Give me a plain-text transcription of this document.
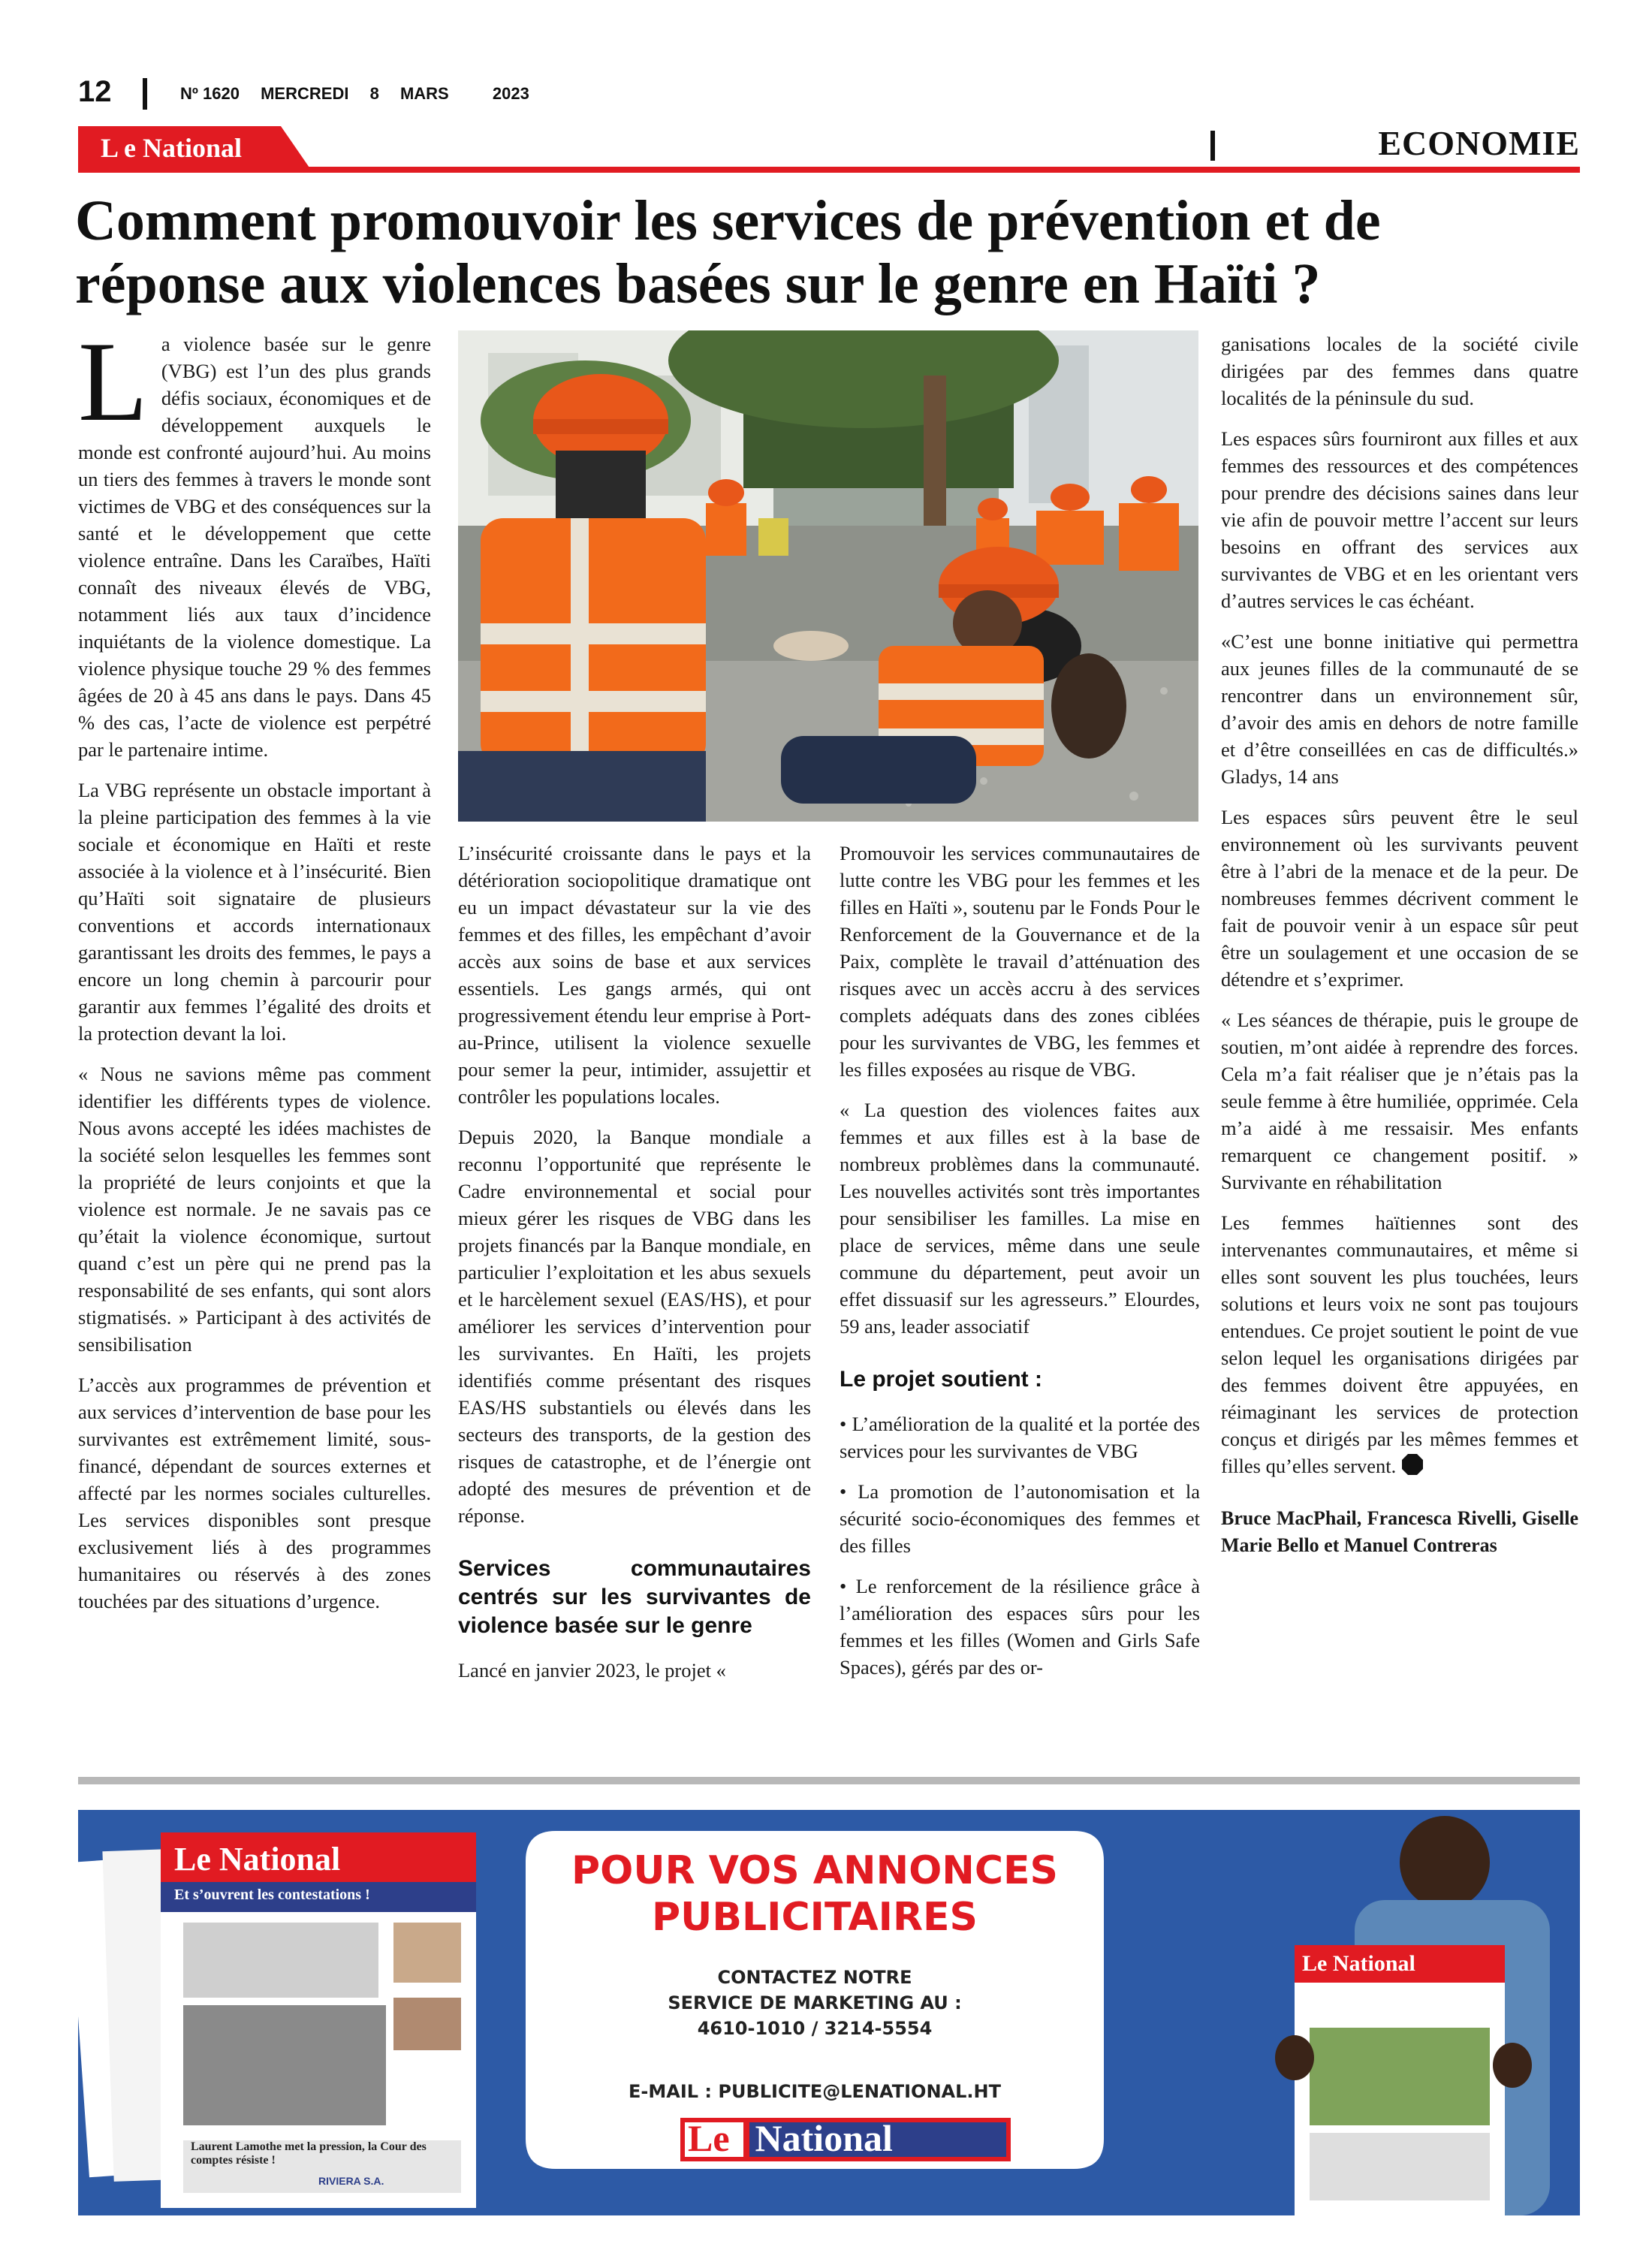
12	Nº 1620 MERCREDI 8 MARS	2023
L e National	ECONOMIE
Comment promouvoir les services de prévention et de réponse aux violences basées sur le genre en Haïti ?

La violence basée sur le genre (VBG) est l’un des plus grands défis sociaux, économiques et de développement auxquels le monde est confronté aujourd’hui. Au moins un tiers des femmes à travers le monde sont victimes de VBG et des conséquences sur la santé et le développement que cette violence entraîne. Dans les Caraïbes, Haïti connaît des niveaux élevés de VBG, notamment liés aux taux d’incidence inquiétants de la violence domestique. La violence physique touche 29 % des femmes âgées de 20 à 45 ans dans le pays. Dans 45 % des cas, l’acte de violence est perpétré par le partenaire intime.

La VBG représente un obstacle important à la pleine participation des femmes à la vie sociale et économique en Haïti et reste associée à la violence et à l’insécurité. Bien qu’Haïti soit signataire de plusieurs conventions et accords internationaux garantissant les droits des femmes, le pays a encore un long chemin à parcourir pour garantir aux femmes l’égalité des droits et la protection devant la loi.

« Nous ne savions même pas comment identifier les différents types de violence. Nous avons accepté les idées machistes de la société selon lesquelles les femmes sont la propriété de leurs conjoints et que la violence est normale. Je ne savais pas ce qu’était la violence économique, surtout quand c’est un père qui ne prend pas la responsabilité de ses enfants, qui sont alors stigmatisés. » Participant à des activités de sensibilisation

L’accès aux programmes de prévention et aux services d’intervention de base pour les survivantes est extrêmement limité, sous-financé, dépendant de sources externes et affecté par les normes sociales culturelles. Les services disponibles sont presque exclusivement liés à des programmes humanitaires ou réservés à des zones touchées par des situations d’urgence.

L’insécurité croissante dans le pays et la détérioration sociopolitique dramatique ont eu un impact dévastateur sur la vie des femmes et des filles, les empêchant d’avoir accès aux soins de base et aux services essentiels. Les gangs armés, qui ont progressivement étendu leur emprise à Port-au-Prince, utilisent la violence sexuelle pour semer la peur, intimider, assujettir et contrôler les populations locales.

Depuis 2020, la Banque mondiale a reconnu l’opportunité que représente le Cadre environnemental et social pour mieux gérer les risques de VBG dans les projets financés par la Banque mondiale, en particulier l’exploitation et les abus sexuels et le harcèlement sexuel (EAS/HS), et pour améliorer les services d’intervention pour les survivantes. En Haïti, les projets identifiés comme présentant des risques EAS/HS substantiels ou élevés dans les secteurs des transports, de la gestion des risques de catastrophe, et de l’énergie ont adopté des mesures de prévention et de réponse.

Services communautaires centrés sur les survivantes de violence basée sur le genre

Lancé en janvier 2023, le projet «

Promouvoir les services communautaires de lutte contre les VBG pour les femmes et les filles en Haïti », soutenu par le Fonds Pour le Renforcement de la Gouvernance et de la Paix, complète le travail d’atténuation des risques avec un accès accru à des services complets adéquats dans des zones ciblées pour les survivantes de VBG, les femmes et les filles exposées au risque de VBG.

« La question des violences faites aux femmes et aux filles est à la base de nombreux problèmes dans la communauté. Les nouvelles activités sont très importantes pour sensibiliser les familles. La mise en place de services, même dans une seule commune du département, peut avoir un effet dissuasif sur les agresseurs.” Elourdes, 59 ans, leader associatif

Le projet soutient :

• L’amélioration de la qualité et la portée des services pour les survivantes de VBG

• La promotion de l’autonomisation et la sécurité socio-économiques des femmes et des filles

• Le renforcement de la résilience grâce à l’amélioration des espaces sûrs pour les femmes et les filles (Women and Girls Safe Spaces), gérés par des or-

ganisations locales de la société civile dirigées par des femmes dans quatre localités de la péninsule du sud.

Les espaces sûrs fourniront aux filles et aux femmes des ressources et des compétences pour prendre des décisions saines dans leur vie afin de pouvoir mettre l’accent sur leurs besoins en offrant des services aux survivantes de VBG et en les orientant vers d’autres services le cas échéant.

«C’est une bonne initiative qui permettra aux jeunes filles de la communauté de se rencontrer dans un environnement sûr, d’avoir des amis en dehors de notre famille et d’être conseillées en cas de difficultés.» Gladys, 14 ans

Les espaces sûrs peuvent être le seul environnement où les survivants peuvent être à l’abri de la menace et de la peur. De nombreuses femmes décrivent comment le fait de pouvoir venir à un espace sûr peut être un soulagement et une occasion de se détendre et s’exprimer.

« Les séances de thérapie, puis le groupe de soutien, m’ont aidée à reprendre des forces. Cela m’a fait réaliser que je n’étais pas la seule femme à être humiliée, opprimée. Cela m’a aidé à me ressaisir. Mes enfants remarquent ce changement positif. » Survivante en réhabilitation

Les femmes haïtiennes sont des intervenantes communautaires, et même si elles sont souvent les plus touchées, leurs solutions et leurs voix ne sont pas toujours entendues. Ce projet soutient le point de vue selon lequel les organisations dirigées par des femmes doivent être appuyées, en réimaginant les services de protection conçus et dirigés par les mêmes femmes et filles qu’elles servent.

Bruce MacPhail, Francesca Rivelli, Giselle Marie Bello et Manuel Contreras

Le National
Et s’ouvrent les contestations !
Laurent Lamothe met la pression, la Cour des comptes résiste !
RIVIERA S.A.
Le National
POUR VOS ANNONCES
PUBLICITAIRES
CONTACTEZ NOTRE
SERVICE DE MARKETING AU :
4610-1010 / 3214-5554
E-MAIL : PUBLICITE@LENATIONAL.HT
Le National
